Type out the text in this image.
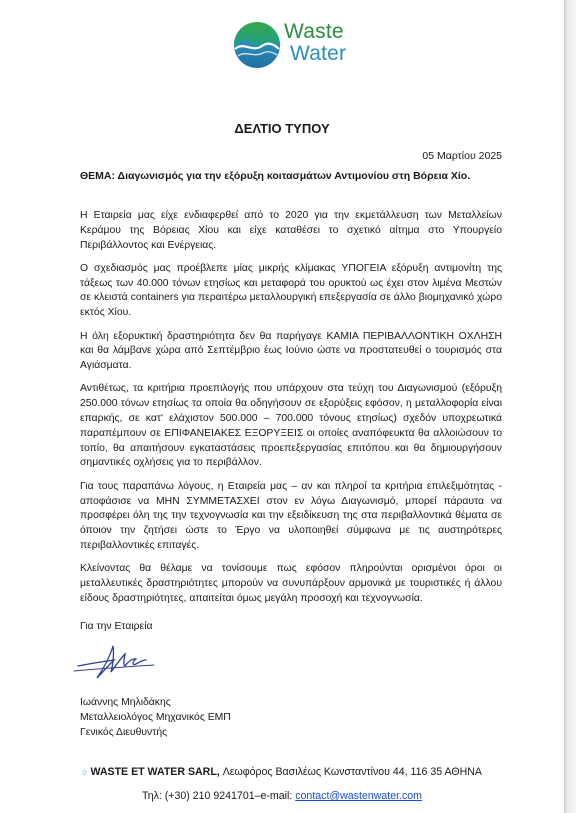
Waste
Water
ΔΕΛΤΙΟ ΤΥΠΟΥ
05 Μαρτίου 2025
ΘΕΜΑ: Διαγωνισμός για την εξόρυξη κοιτασμάτων Αντιμονίου στη Βόρεια Χίο.

Η Εταιρεία μας είχε ενδιαφερθεί από το 2020 για την εκμετάλλευση των Μεταλλείων Κεράμου της Βόρειας Χίου και είχε καταθέσει το σχετικό αίτημα στο Υπουργείο Περιβάλλοντος και Ενέργειας.

Ο σχεδιασμός μας προέβλεπε μίας μικρής κλίμακας ΥΠΟΓΕΙΑ εξόρυξη αντιμονίτη της τάξεως των 40.000 τόνων ετησίως και μεταφορά του ορυκτού ως έχει στον λιμένα Μεστών σε κλειστά containers για περαιτέρω μεταλλουργική επεξεργασία σε άλλο βιομηχανικό χώρο εκτός Χίου.

Η όλη εξορυκτική δραστηριότητα δεν θα παρήγαγε ΚΑΜΙΑ ΠΕΡΙΒΑΛΛΟΝΤΙΚΗ ΟΧΛΗΣΗ και θα λάμβανε χώρα από Σεπτέμβριο έως Ιούνιο ώστε να προστατευθεί ο τουρισμός στα Αγιάσματα.

Αντιθέτως, τα κριτήρια προεπιλογής που υπάρχουν στα τεύχη του Διαγωνισμού (εξόρυξη 250.000 τόνων ετησίως τα οποία θα οδηγήσουν σε εξορύξεις εφόσον, η μεταλλοφορία είναι επαρκής, σε κατ' ελάχιστον 500.000 – 700.000 τόνους ετησίως) σχεδόν υποχρεωτικά παραπέμπουν σε ΕΠΙΦΑΝΕΙΑΚΕΣ ΕΞΟΡΥΞΕΙΣ οι οποίες αναπόφευκτα θα αλλοιώσουν το τοπίο, θα απαιτήσουν εγκαταστάσεις προεπεξεργασίας επιτόπου και θα δημιουργήσουν σημαντικές οχλήσεις για το περιβάλλον.

Για τους παραπάνω λόγους, η Εταιρεία μας – αν και πληροί τα κριτήρια επιλεξιμότητας - αποφάσισε να ΜΗΝ ΣΥΜΜΕΤΑΣΧΕΙ στον εν λόγω Διαγωνισμό, μπορεί πάραυτα να προσφέρει όλη της την τεχνογνωσία και την εξειδίκευση της στα περιβαλλοντικά θέματα σε όποιον την ζητήσει ώστε το Έργο να υλοποιηθεί σύμφωνα με τις αυστηρότερες περιβαλλοντικές επιταγές.

Κλείνοντας θα θέλαμε να τονίσουμε πως εφόσον πληρούνται ορισμένοι όροι οι μεταλλευτικές δραστηριότητες μπορούν να συνυπάρξουν αρμονικά με τουριστικές ή άλλου είδους δραστηριότητες, απαιτείται όμως μεγάλη προσοχή και τεχνογνωσία.

Για την Εταιρεία
Ιωάννης Μηλιδάκης
Μεταλλειολόγος Μηχανικός ΕΜΠ
Γενικός Διευθυντής
○ WASTE ET WATER SARL, Λεωφόρος Βασιλέως Κωνσταντίνου 44, 116 35 ΑΘΗΝΑ
Τηλ: (+30) 210 9241701–e-mail: contact@wastenwater.com
